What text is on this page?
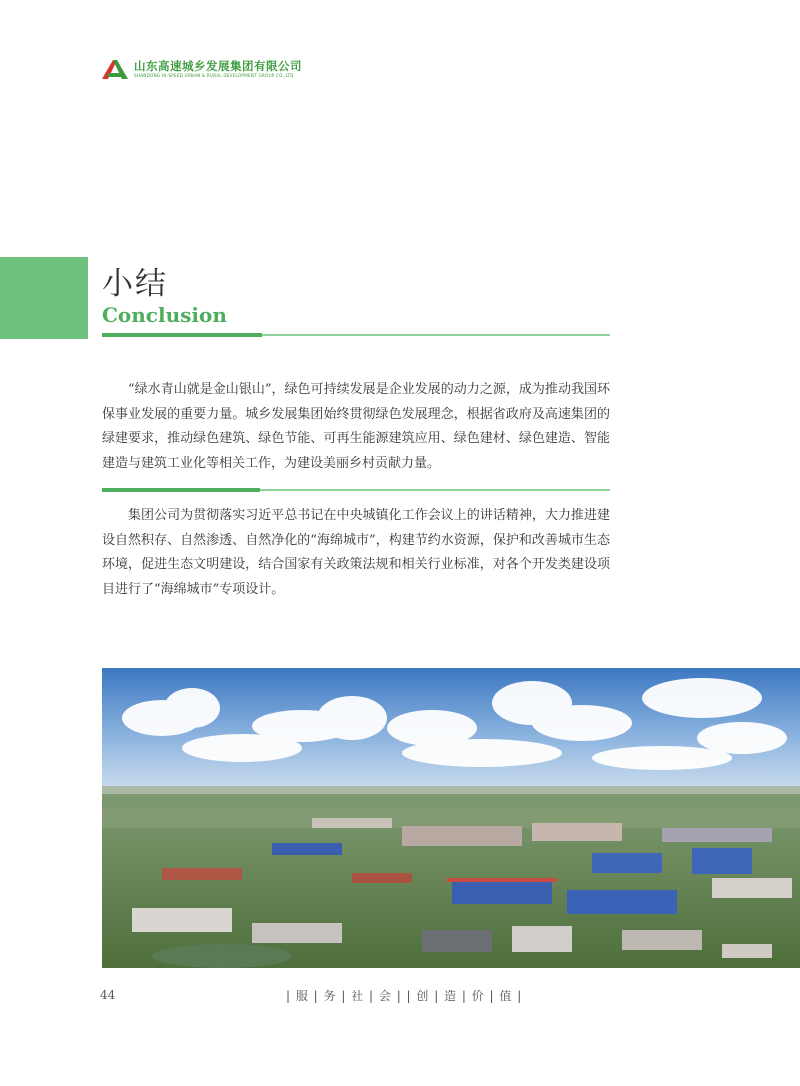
山东高速城乡发展集团有限公司
SHANDONG HI-SPEED URBAN & RURAL DEVELOPMENT GROUP CO.,LTD
小结
Conclusion

“绿水青山就是金山银山”，绿色可持续发展是企业发展的动力之源，成为推动我国环保事业发展的重要力量。城乡发展集团始终贯彻绿色发展理念，根据省政府及高速集团的绿建要求，推动绿色建筑、绿色节能、可再生能源建筑应用、绿色建材、绿色建造、智能建造与建筑工业化等相关工作，为建设美丽乡村贡献力量。

集团公司为贯彻落实习近平总书记在中央城镇化工作会议上的讲话精神，大力推进建设自然积存、自然渗透、自然净化的“海绵城市”，构建节约水资源，保护和改善城市生态环境，促进生态文明建设，结合国家有关政策法规和相关行业标准，对各个开发类建设项目进行了“海绵城市”专项设计。

44	| 服 | 务 | 社 | 会 | | 创 | 造 | 价 | 值 |
